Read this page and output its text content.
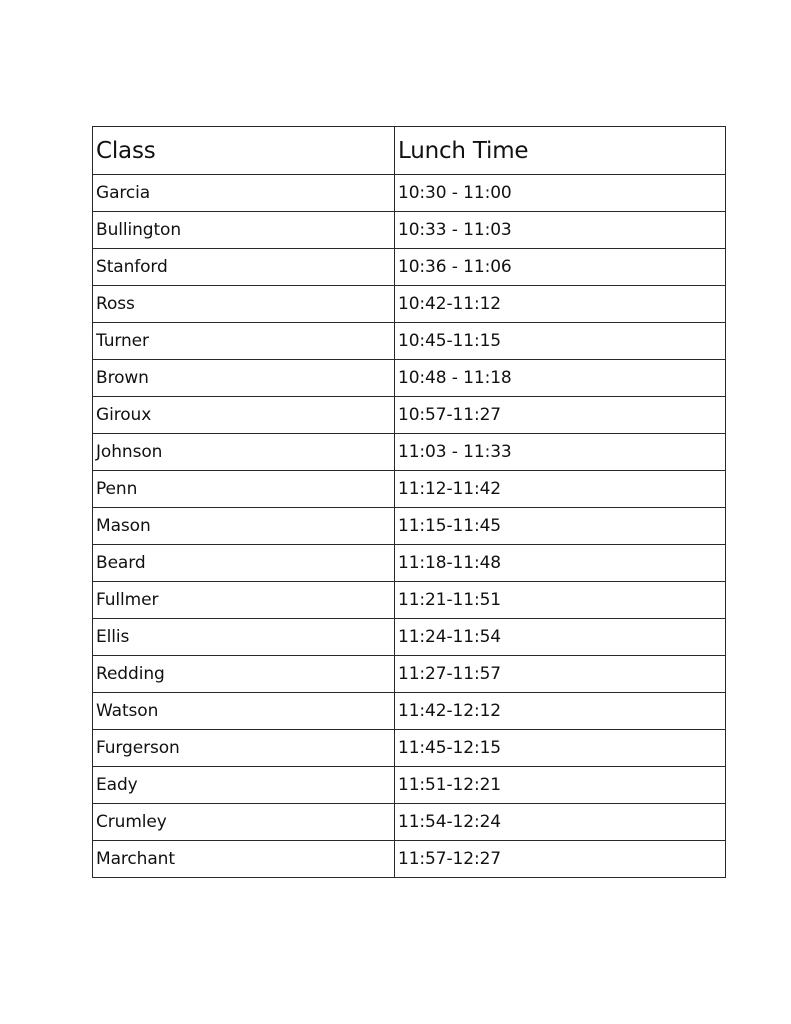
Class	Lunch Time
Garcia	10:30 - 11:00
Bullington	10:33 - 11:03
Stanford	10:36 - 11:06
Ross	10:42-11:12
Turner	10:45-11:15
Brown	10:48 - 11:18
Giroux	10:57-11:27
Johnson	11:03 - 11:33
Penn	11:12-11:42
Mason	11:15-11:45
Beard	11:18-11:48
Fullmer	11:21-11:51
Ellis	11:24-11:54
Redding	11:27-11:57
Watson	11:42-12:12
Furgerson	11:45-12:15
Eady	11:51-12:21
Crumley	11:54-12:24
Marchant	11:57-12:27
